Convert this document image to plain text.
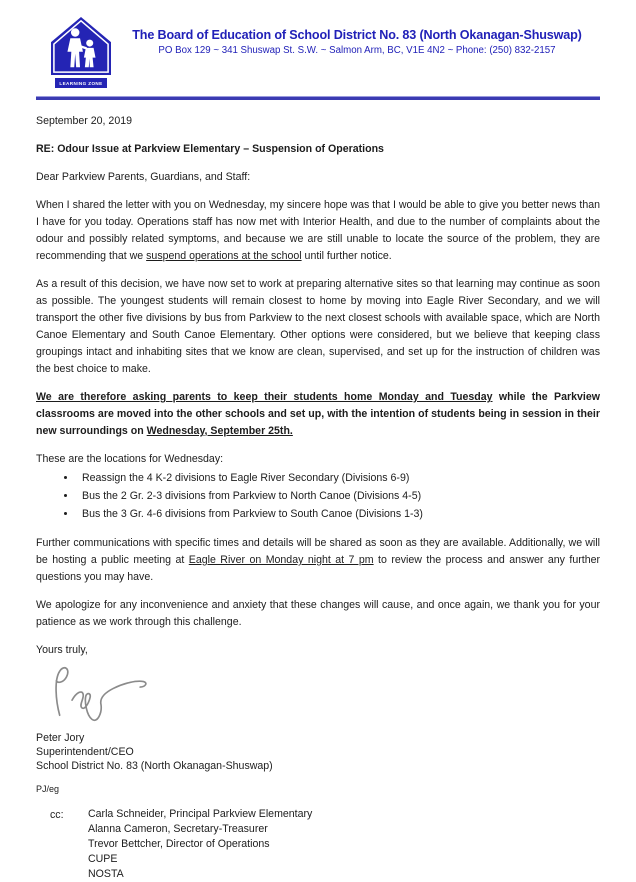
LEARNING ZONE
The Board of Education of School District No. 83 (North Okanagan-Shuswap)
PO Box 129 ~ 341 Shuswap St. S.W. ~ Salmon Arm, BC, V1E 4N2 ~ Phone: (250) 832-2157

September 20, 2019

RE: Odour Issue at Parkview Elementary – Suspension of Operations

Dear Parkview Parents, Guardians, and Staff:

When I shared the letter with you on Wednesday, my sincere hope was that I would be able to give you better news than I have for you today. Operations staff has now met with Interior Health, and due to the number of complaints about the odour and possibly related symptoms, and because we are still unable to locate the source of the problem, they are recommending that we suspend operations at the school until further notice.

As a result of this decision, we have now set to work at preparing alternative sites so that learning may continue as soon as possible. The youngest students will remain closest to home by moving into Eagle River Secondary, and we will transport the other five divisions by bus from Parkview to the next closest schools with available space, which are North Canoe Elementary and South Canoe Elementary. Other options were considered, but we believe that keeping class groupings intact and inhabiting sites that we know are clean, supervised, and set up for the instruction of children was the best choice to make.

We are therefore asking parents to keep their students home Monday and Tuesday while the Parkview classrooms are moved into the other schools and set up, with the intention of students being in session in their new surroundings on Wednesday, September 25th.

These are the locations for Wednesday:

• Reassign the 4 K-2 divisions to Eagle River Secondary (Divisions 6-9)
• Bus the 2 Gr. 2-3 divisions from Parkview to North Canoe (Divisions 4-5)
• Bus the 3 Gr. 4-6 divisions from Parkview to South Canoe (Divisions 1-3)

Further communications with specific times and details will be shared as soon as they are available. Additionally, we will be hosting a public meeting at Eagle River on Monday night at 7 pm to review the process and answer any further questions you may have.

We apologize for any inconvenience and anxiety that these changes will cause, and once again, we thank you for your patience as we work through this challenge.

Yours truly,

Peter Jory
Superintendent/CEO
School District No. 83 (North Okanagan-Shuswap)
PJ/eg
cc:	Carla Schneider, Principal Parkview Elementary
Alanna Cameron, Secretary-Treasurer
Trevor Bettcher, Director of Operations
CUPE
NOSTA
